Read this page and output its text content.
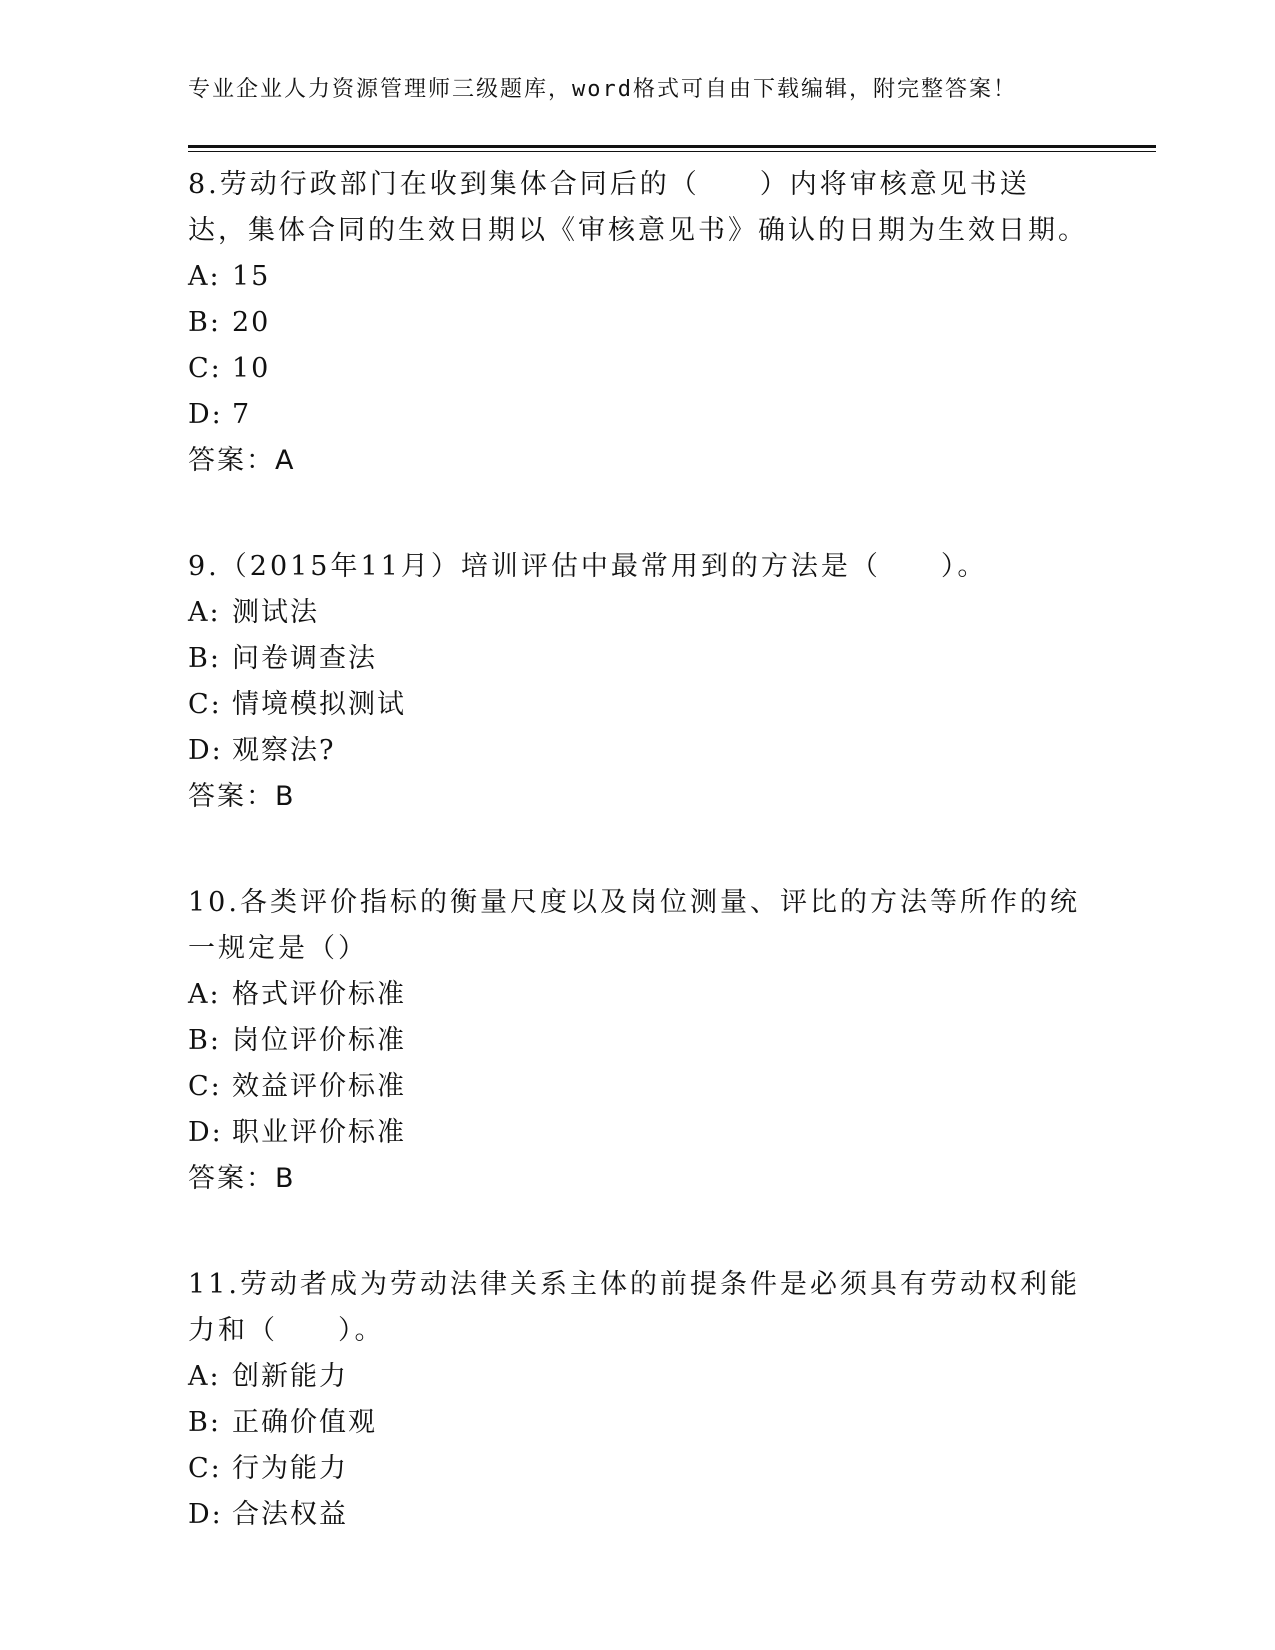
专业企业人力资源管理师三级题库，word格式可自由下载编辑，附完整答案！

8.劳动行政部门在收到集体合同后的（　　）内将审核意见书送达，集体合同的生效日期以《审核意见书》确认的日期为生效日期。

A: 15
B: 20
C: 10
D: 7
答案：A

9.（2015年11月）培训评估中最常用到的方法是（　　）。

A: 测试法
B: 问卷调查法
C: 情境模拟测试
D: 观察法?
答案：B

10.各类评价指标的衡量尺度以及岗位测量、评比的方法等所作的统一规定是（）

A: 格式评价标准
B: 岗位评价标准
C: 效益评价标准
D: 职业评价标准
答案：B

11.劳动者成为劳动法律关系主体的前提条件是必须具有劳动权利能力和（　　）。

A: 创新能力
B: 正确价值观
C: 行为能力
D: 合法权益
